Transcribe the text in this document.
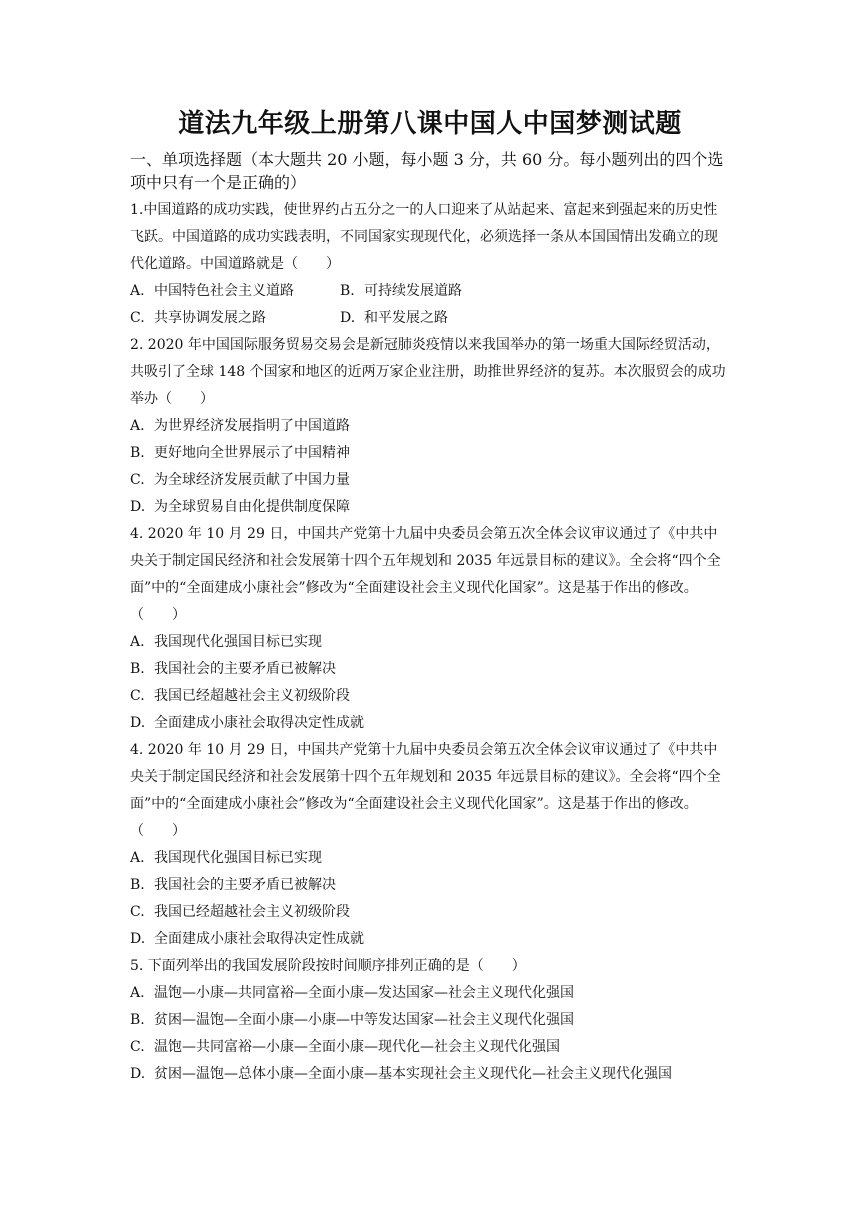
道法九年级上册第八课中国人中国梦测试题

一、单项选择题（本大题共 20 小题，每小题 3 分，共 60 分。每小题列出的四个选项中只有一个是正确的）

1.中国道路的成功实践，使世界约占五分之一的人口迎来了从站起来、富起来到强起来的历史性飞跃。中国道路的成功实践表明，不同国家实现现代化，必须选择一条从本国国情出发确立的现代化道路。中国道路就是（　　）

A. 中国特色社会主义道路	B. 可持续发展道路
C. 共享协调发展之路	D. 和平发展之路

2. 2020 年中国国际服务贸易交易会是新冠肺炎疫情以来我国举办的第一场重大国际经贸活动，共吸引了全球 148 个国家和地区的近两万家企业注册，助推世界经济的复苏。本次服贸会的成功举办（　　）

A. 为世界经济发展指明了中国道路
B. 更好地向全世界展示了中国精神
C. 为全球经济发展贡献了中国力量
D. 为全球贸易自由化提供制度保障

4. 2020 年 10 月 29 日，中国共产党第十九届中央委员会第五次全体会议审议通过了《中共中央关于制定国民经济和社会发展第十四个五年规划和 2035 年远景目标的建议》。全会将“四个全面”中的“全面建成小康社会”修改为“全面建设社会主义现代化国家”。这是基于作出的修改。（　　）

A. 我国现代化强国目标已实现
B. 我国社会的主要矛盾已被解决
C. 我国已经超越社会主义初级阶段
D. 全面建成小康社会取得决定性成就

4. 2020 年 10 月 29 日，中国共产党第十九届中央委员会第五次全体会议审议通过了《中共中央关于制定国民经济和社会发展第十四个五年规划和 2035 年远景目标的建议》。全会将“四个全面”中的“全面建成小康社会”修改为“全面建设社会主义现代化国家”。这是基于作出的修改。（　　）

A. 我国现代化强国目标已实现
B. 我国社会的主要矛盾已被解决
C. 我国已经超越社会主义初级阶段
D. 全面建成小康社会取得决定性成就

5. 下面列举出的我国发展阶段按时间顺序排列正确的是（　　）

A. 温饱—小康—共同富裕—全面小康—发达国家—社会主义现代化强国
B. 贫困—温饱—全面小康—小康—中等发达国家—社会主义现代化强国
C. 温饱—共同富裕—小康—全面小康—现代化—社会主义现代化强国
D. 贫困—温饱—总体小康—全面小康—基本实现社会主义现代化—社会主义现代化强国
